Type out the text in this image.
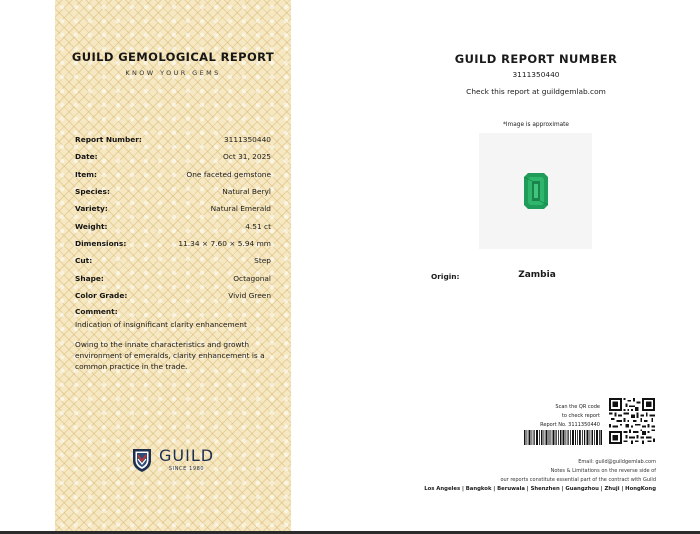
GUILD GEMOLOGICAL REPORT
KNOW YOUR GEMS
Report Number:	3111350440
Date:	Oct 31, 2025
Item:	One faceted gemstone
Species:	Natural Beryl
Variety:	Natural Emerald
Weight:	4.51 ct
Dimensions:	11.34 × 7.60 × 5.94 mm
Cut:	Step
Shape:	Octagonal
Color Grade:	Vivid Green
Comment:
Indication of insignificant clarity enhancement
Owing to the innate characteristics and growth environment of emeralds, clarity enhancement is a common practice in the trade.
GUILD
SINCE 1980
GUILD REPORT NUMBER
3111350440
Check this report at guildgemlab.com
*Image is approximate
Origin:	Zambia
Scan the QR code
to check report
Report No. 3111350440
Email: guild@guildgemlab.com
Notes & Limitations on the reverse side of
our reports constitute essential part of the contract with Guild
Los Angeles | Bangkok | Beruwala | Shenzhen | Guangzhou | Zhuji | HongKong
